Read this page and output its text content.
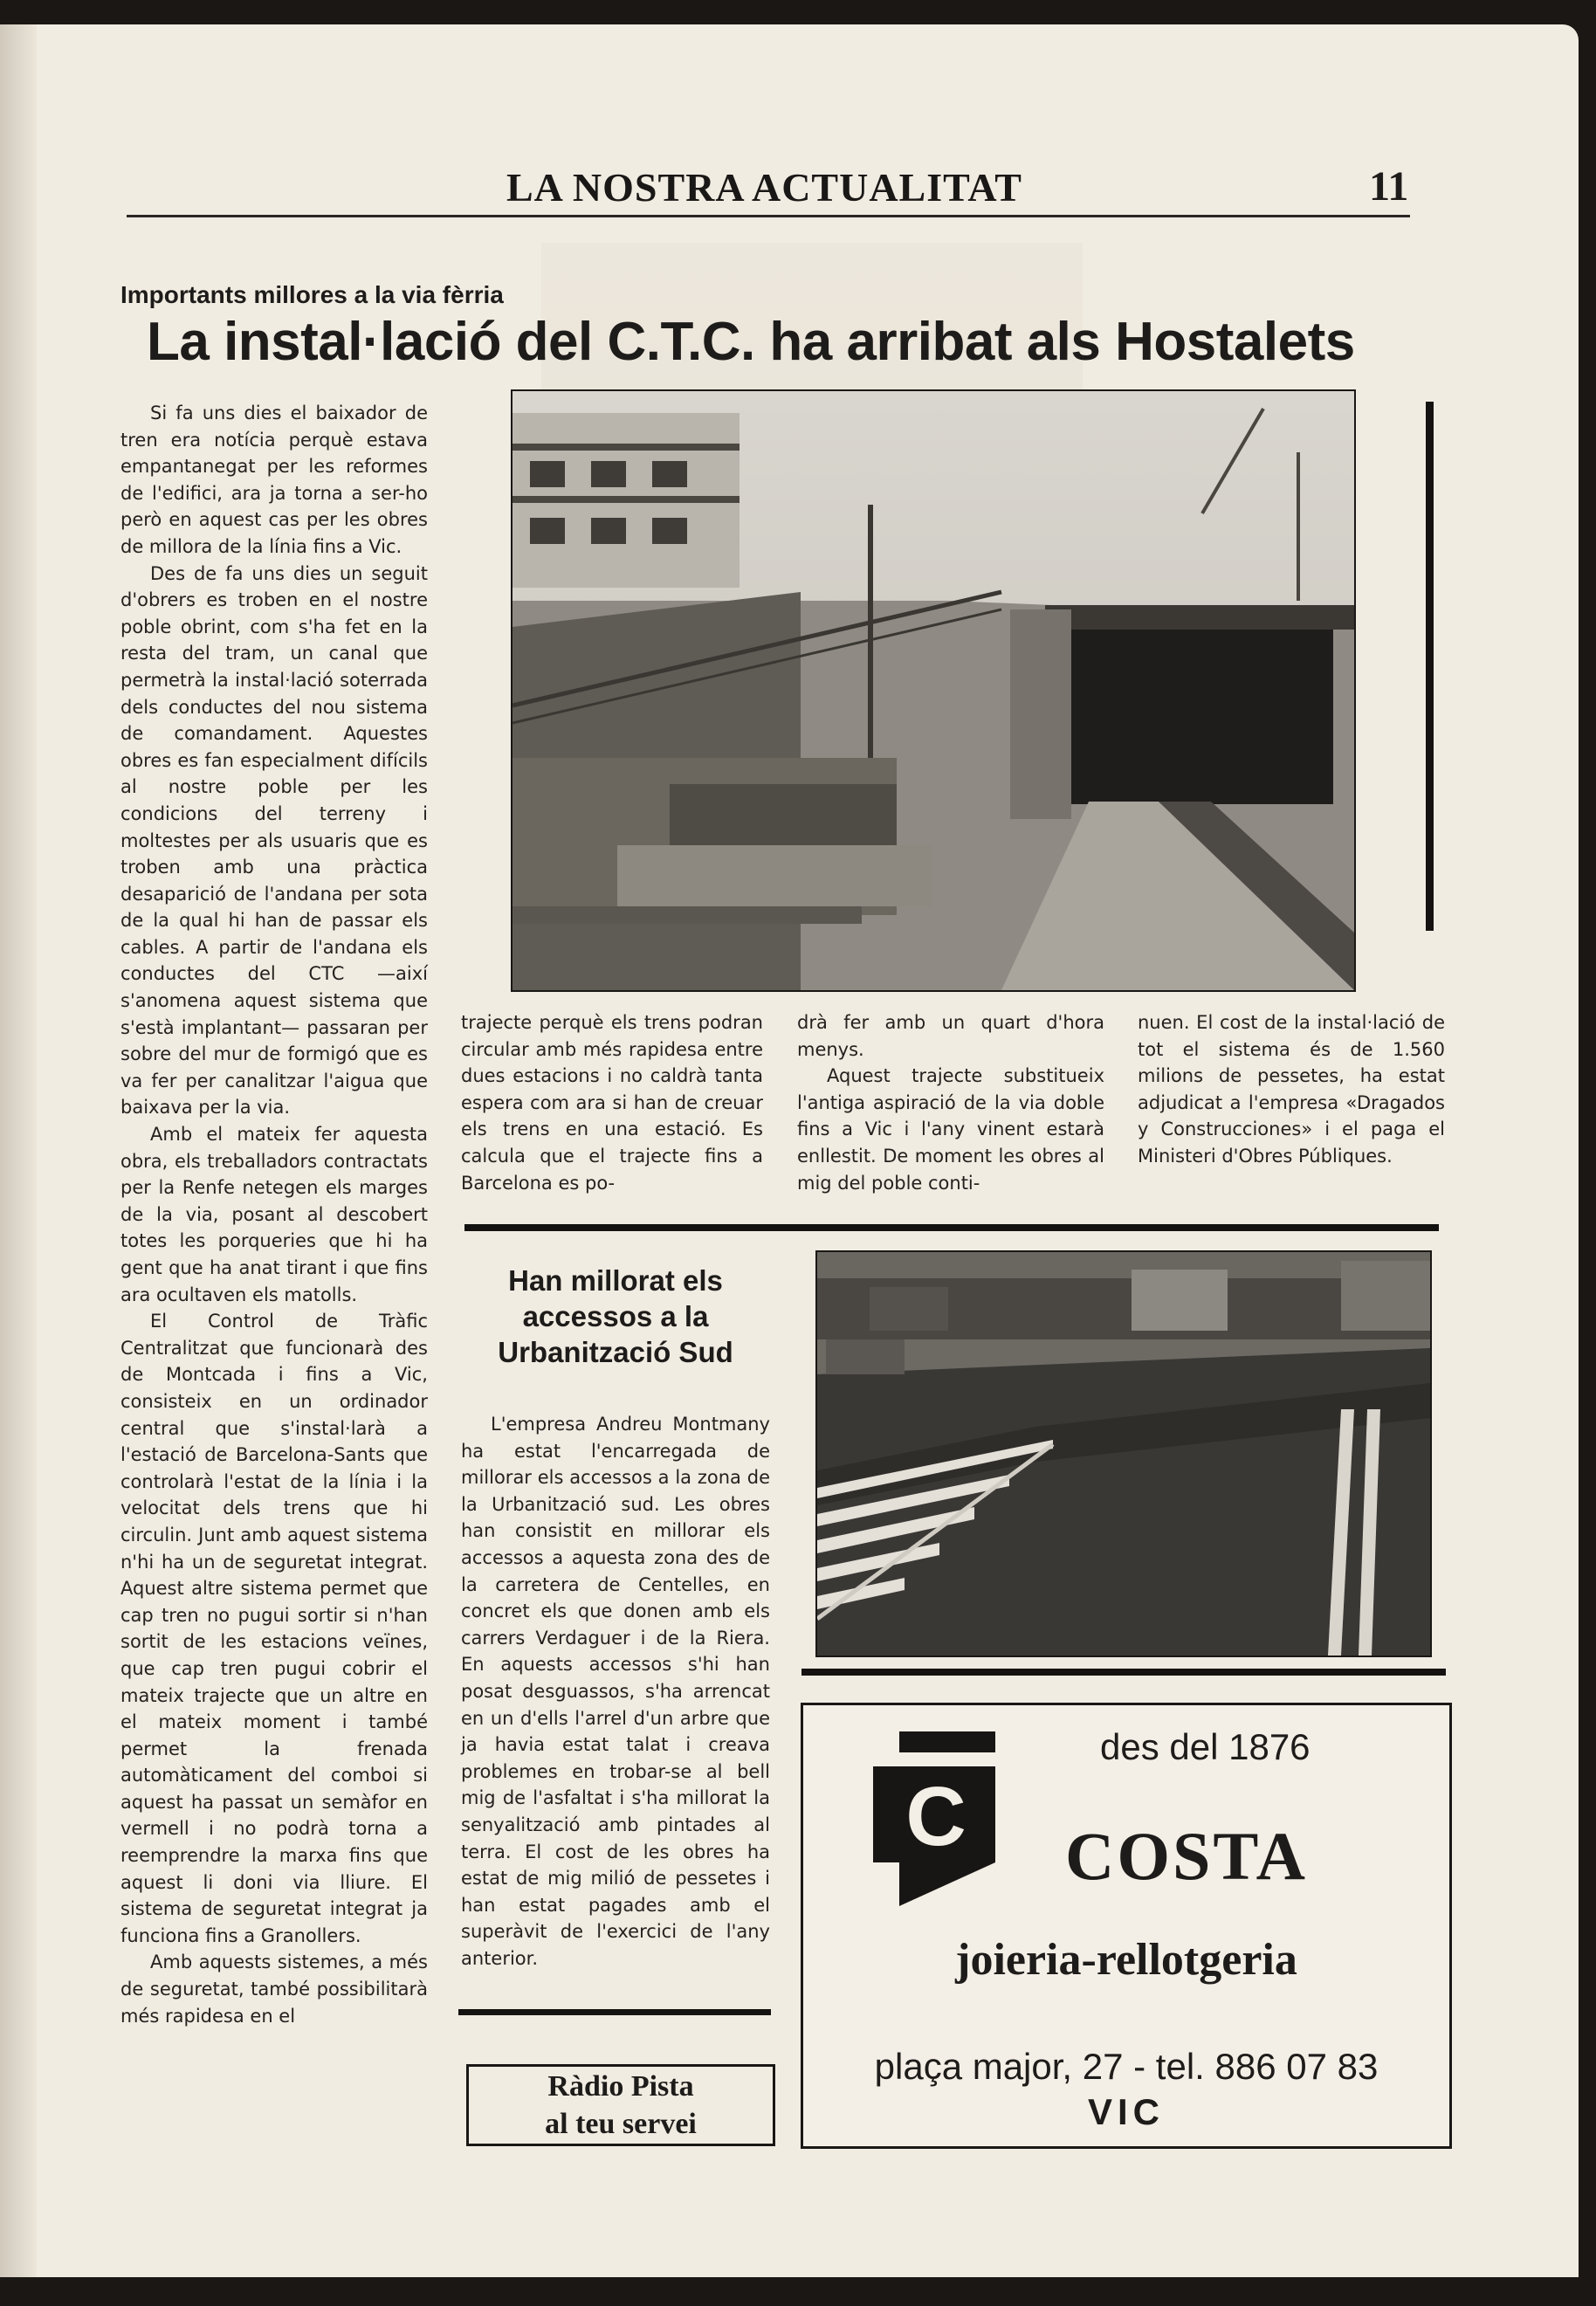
LA NOSTRA ACTUALITAT	11
Importants millores a la via fèrria
La instal·lació del C.T.C. ha arribat als Hostalets

Si fa uns dies el baixador de tren era notícia perquè estava empantanegat per les reformes de l'edifici, ara ja torna a ser-ho però en aquest cas per les obres de millora de la línia fins a Vic.

Des de fa uns dies un seguit d'obrers es troben en el nostre poble obrint, com s'ha fet en la resta del tram, un canal que permetrà la instal·lació soterrada dels conductes del nou sistema de comandament. Aquestes obres es fan especialment difícils al nostre poble per les condicions del terreny i moltestes per als usuaris que es troben amb una pràctica desaparició de l'andana per sota de la qual hi han de passar els cables. A partir de l'andana els conductes del CTC —així s'anomena aquest sistema que s'està implantant— passaran per sobre del mur de formigó que es va fer per canalitzar l'aigua que baixava per la via.

Amb el mateix fer aquesta obra, els treballadors contractats per la Renfe netegen els marges de la via, posant al descobert totes les porqueries que hi ha gent que ha anat tirant i que fins ara ocultaven els matolls.

El Control de Tràfic Centralitzat que funcionarà des de Montcada i fins a Vic, consisteix en un ordinador central que s'instal·larà a l'estació de Barcelona-Sants que controlarà l'estat de la línia i la velocitat dels trens que hi circulin. Junt amb aquest sistema n'hi ha un de seguretat integrat. Aquest altre sistema permet que cap tren no pugui sortir si n'han sortit de les estacions veïnes, que cap tren pugui cobrir el mateix trajecte que un altre en el mateix moment i també permet la frenada automàticament del comboi si aquest ha passat un semàfor en vermell i no podrà torna a reemprendre la marxa fins que aquest li doni via lliure. El sistema de seguretat integrat ja funciona fins a Granollers.

Amb aquests sistemes, a més de seguretat, també possibilitarà més rapidesa en el

trajecte perquè els trens podran circular amb més rapidesa entre dues estacions i no caldrà tanta espera com ara si han de creuar els trens en una estació. Es calcula que el trajecte fins a Barcelona es po-

drà fer amb un quart d'hora menys.

Aquest trajecte substitueix l'antiga aspiració de la via doble fins a Vic i l'any vinent estarà enllestit. De moment les obres al mig del poble conti-

nuen. El cost de la instal·lació de tot el sistema és de 1.560 milions de pessetes, ha estat adjudicat a l'empresa «Dragados y Construcciones» i el paga el Ministeri d'Obres Públiques.

Han millorat els accessos a la Urbanització Sud

L'empresa Andreu Montmany ha estat l'encarregada de millorar els accessos a la zona de la Urbanització sud. Les obres han consistit en millorar els accessos a aquesta zona des de la carretera de Centelles, en concret els que donen amb els carrers Verdaguer i de la Riera. En aquests accessos s'hi han posat desguassos, s'ha arrencat en un d'ells l'arrel d'un arbre que ja havia estat talat i creava problemes en trobar-se al bell mig de l'asfaltat i s'ha millorat la senyalització amb pintades al terra. El cost de les obres ha estat de mig milió de pessetes i han estat pagades amb el superàvit de l'exercici de l'any anterior.

Ràdio Pista
al teu servei
C
des del 1876
COSTA
joieria-rellotgeria
plaça major, 27 - tel. 886 07 83
VIC
